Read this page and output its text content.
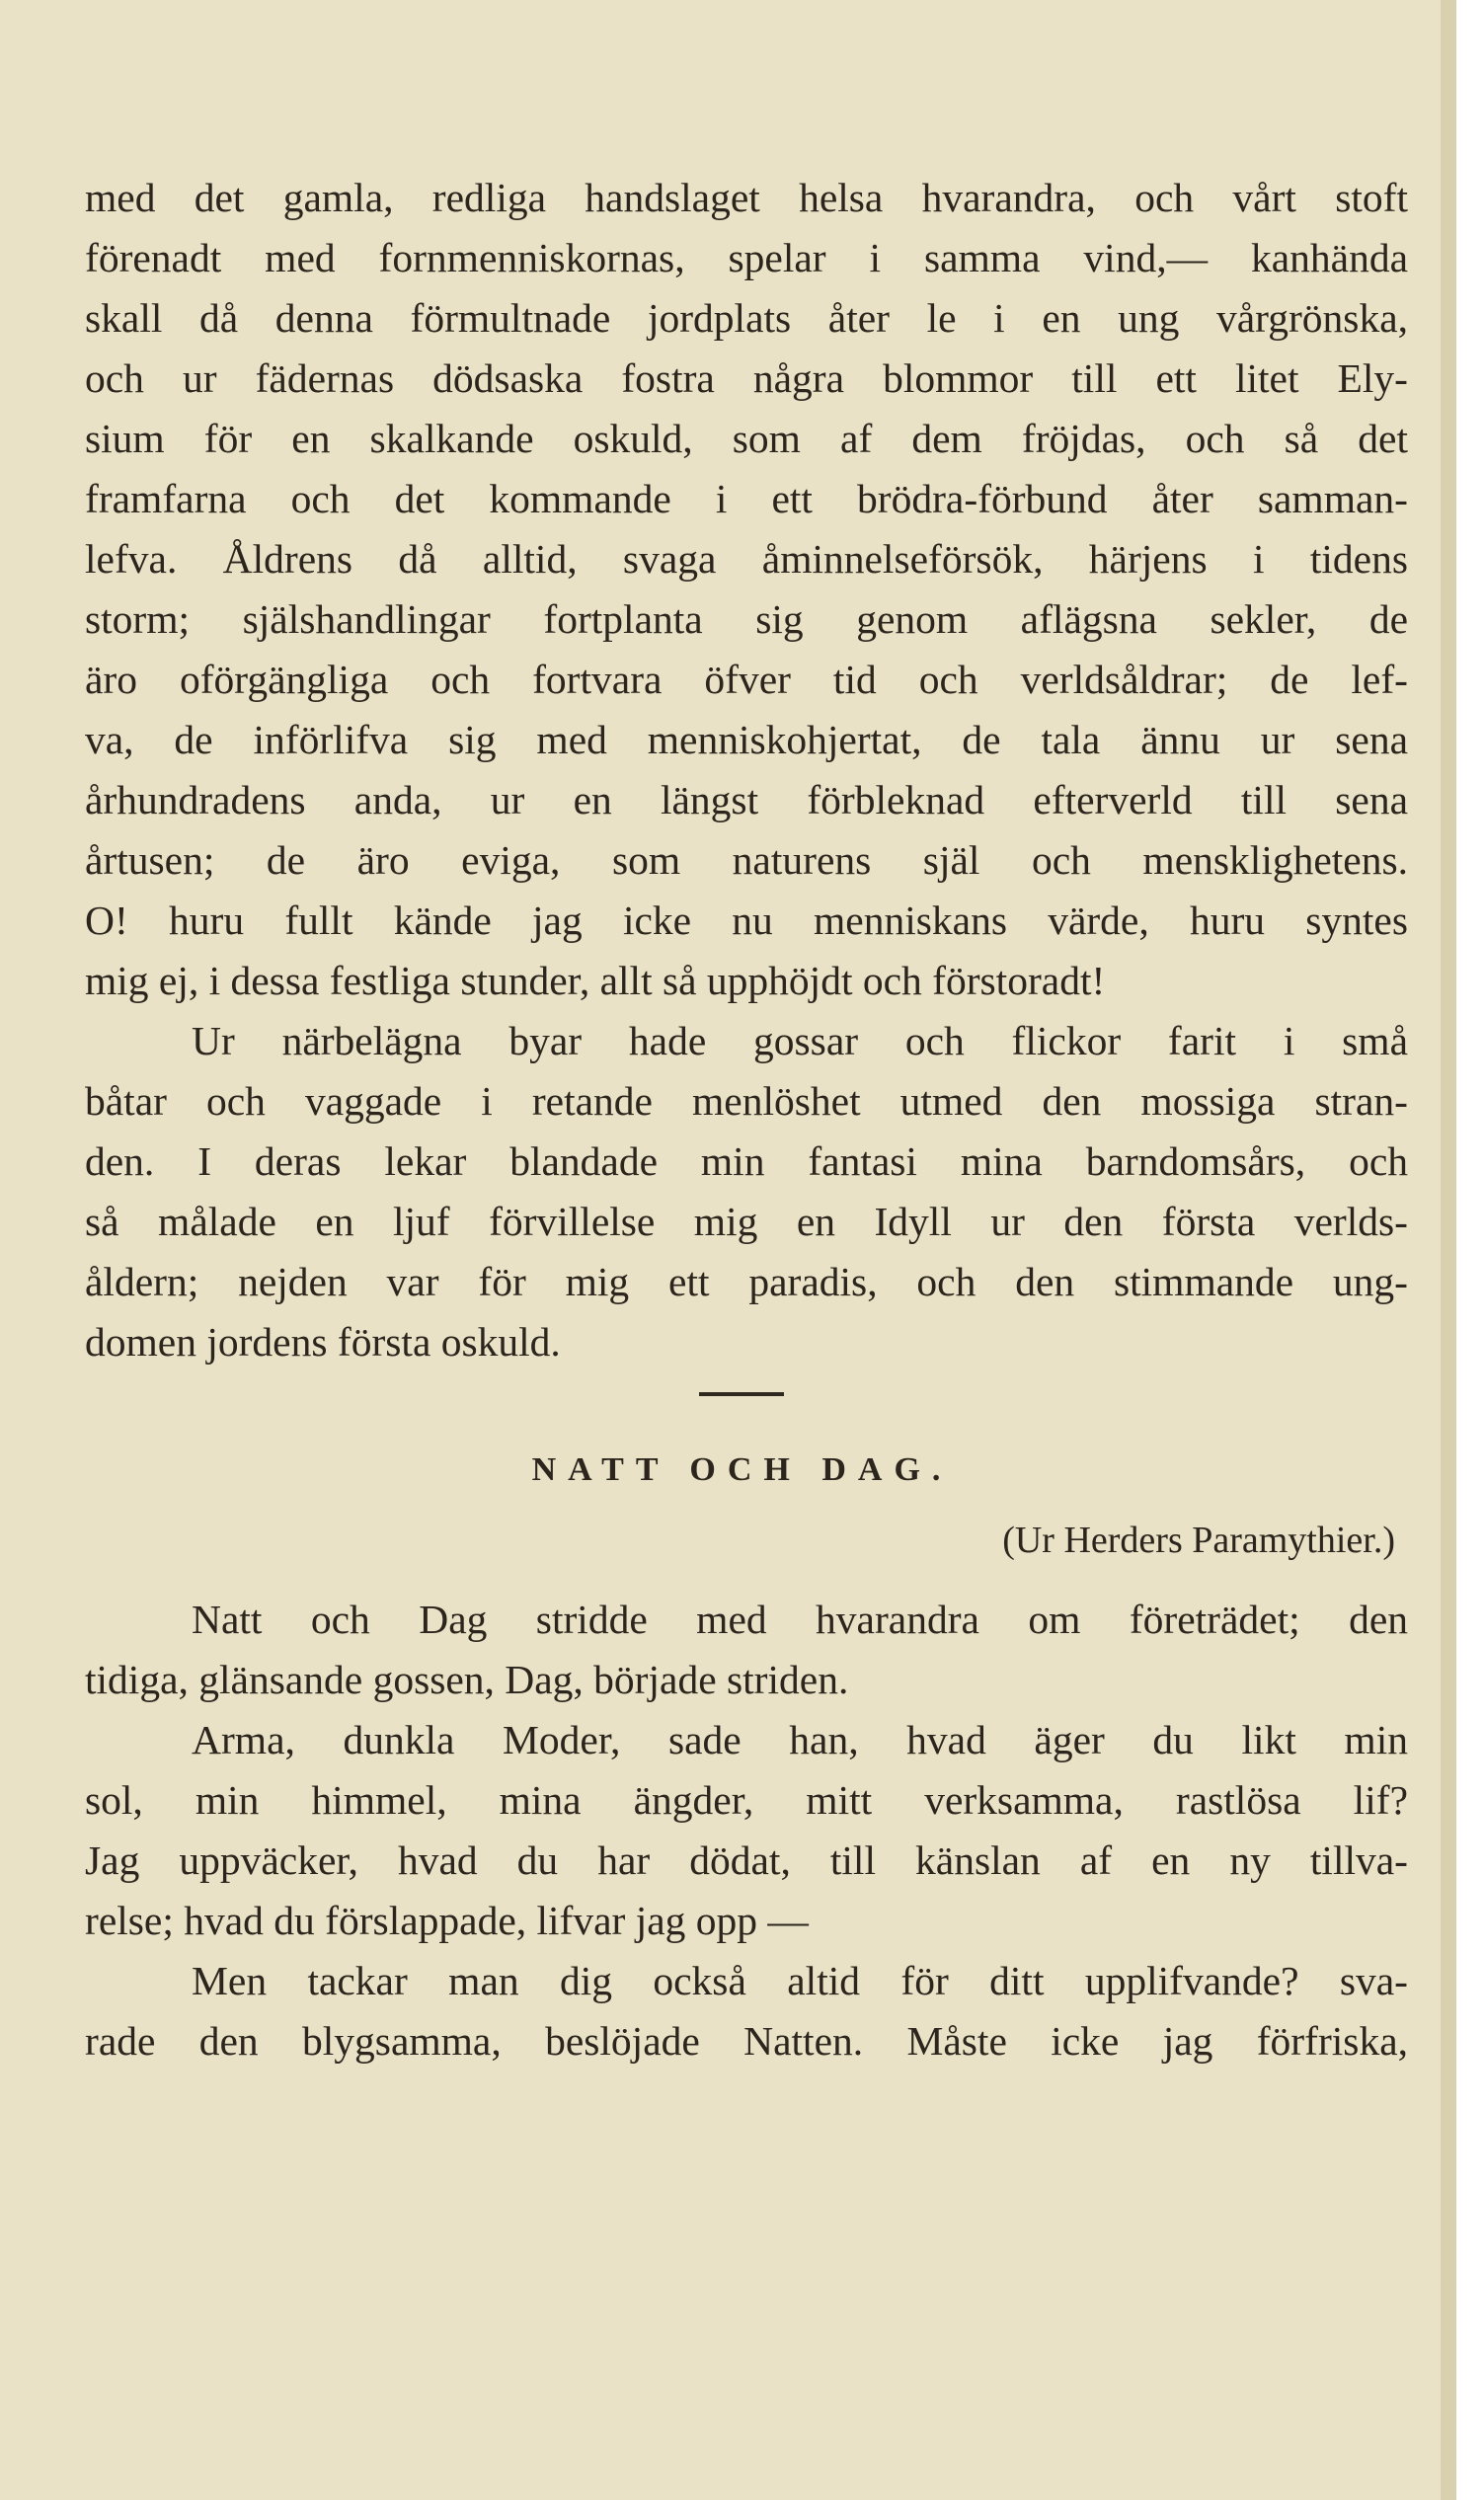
med det gamla, redliga handslaget helsa hvarandra, och vårt stoft
förenadt med fornmenniskornas, spelar i samma vind,— kanhända
skall då denna förmultnade jordplats åter le i en ung vårgrönska,
och ur fädernas dödsaska fostra några blommor till ett litet Ely-
sium för en skalkande oskuld, som af dem fröjdas, och så det
framfarna och det kommande i ett brödra-förbund åter samman-
lefva. Åldrens då alltid, svaga åminnelseförsök, härjens i tidens
storm; själshandlingar fortplanta sig genom aflägsna sekler, de
äro oförgängliga och fortvara öfver tid och verldsåldrar; de lef-
va, de införlifva sig med menniskohjertat, de tala ännu ur sena
århundradens anda, ur en längst förbleknad efterverld till sena
årtusen; de äro eviga, som naturens själ och mensklighetens.
O! huru fullt kände jag icke nu menniskans värde, huru syntes
mig ej, i dessa festliga stunder, allt så upphöjdt och förstoradt!
Ur närbelägna byar hade gossar och flickor farit i små
båtar och vaggade i retande menlöshet utmed den mossiga stran-
den. I deras lekar blandade min fantasi mina barndomsårs, och
så målade en ljuf förvillelse mig en Idyll ur den första verlds-
åldern; nejden var för mig ett paradis, och den stimmande ung-
domen jordens första oskuld.
NATT OCH DAG.
(Ur Herders Paramythier.)
Natt och Dag stridde med hvarandra om företrädet; den
tidiga, glänsande gossen, Dag, började striden.
Arma, dunkla Moder, sade han, hvad äger du likt min
sol, min himmel, mina ängder, mitt verksamma, rastlösa lif?
Jag uppväcker, hvad du har dödat, till känslan af en ny tillva-
relse; hvad du förslappade, lifvar jag opp —
Men tackar man dig också altid för ditt upplifvande? sva-
rade den blygsamma, beslöjade Natten. Måste icke jag förfriska,
